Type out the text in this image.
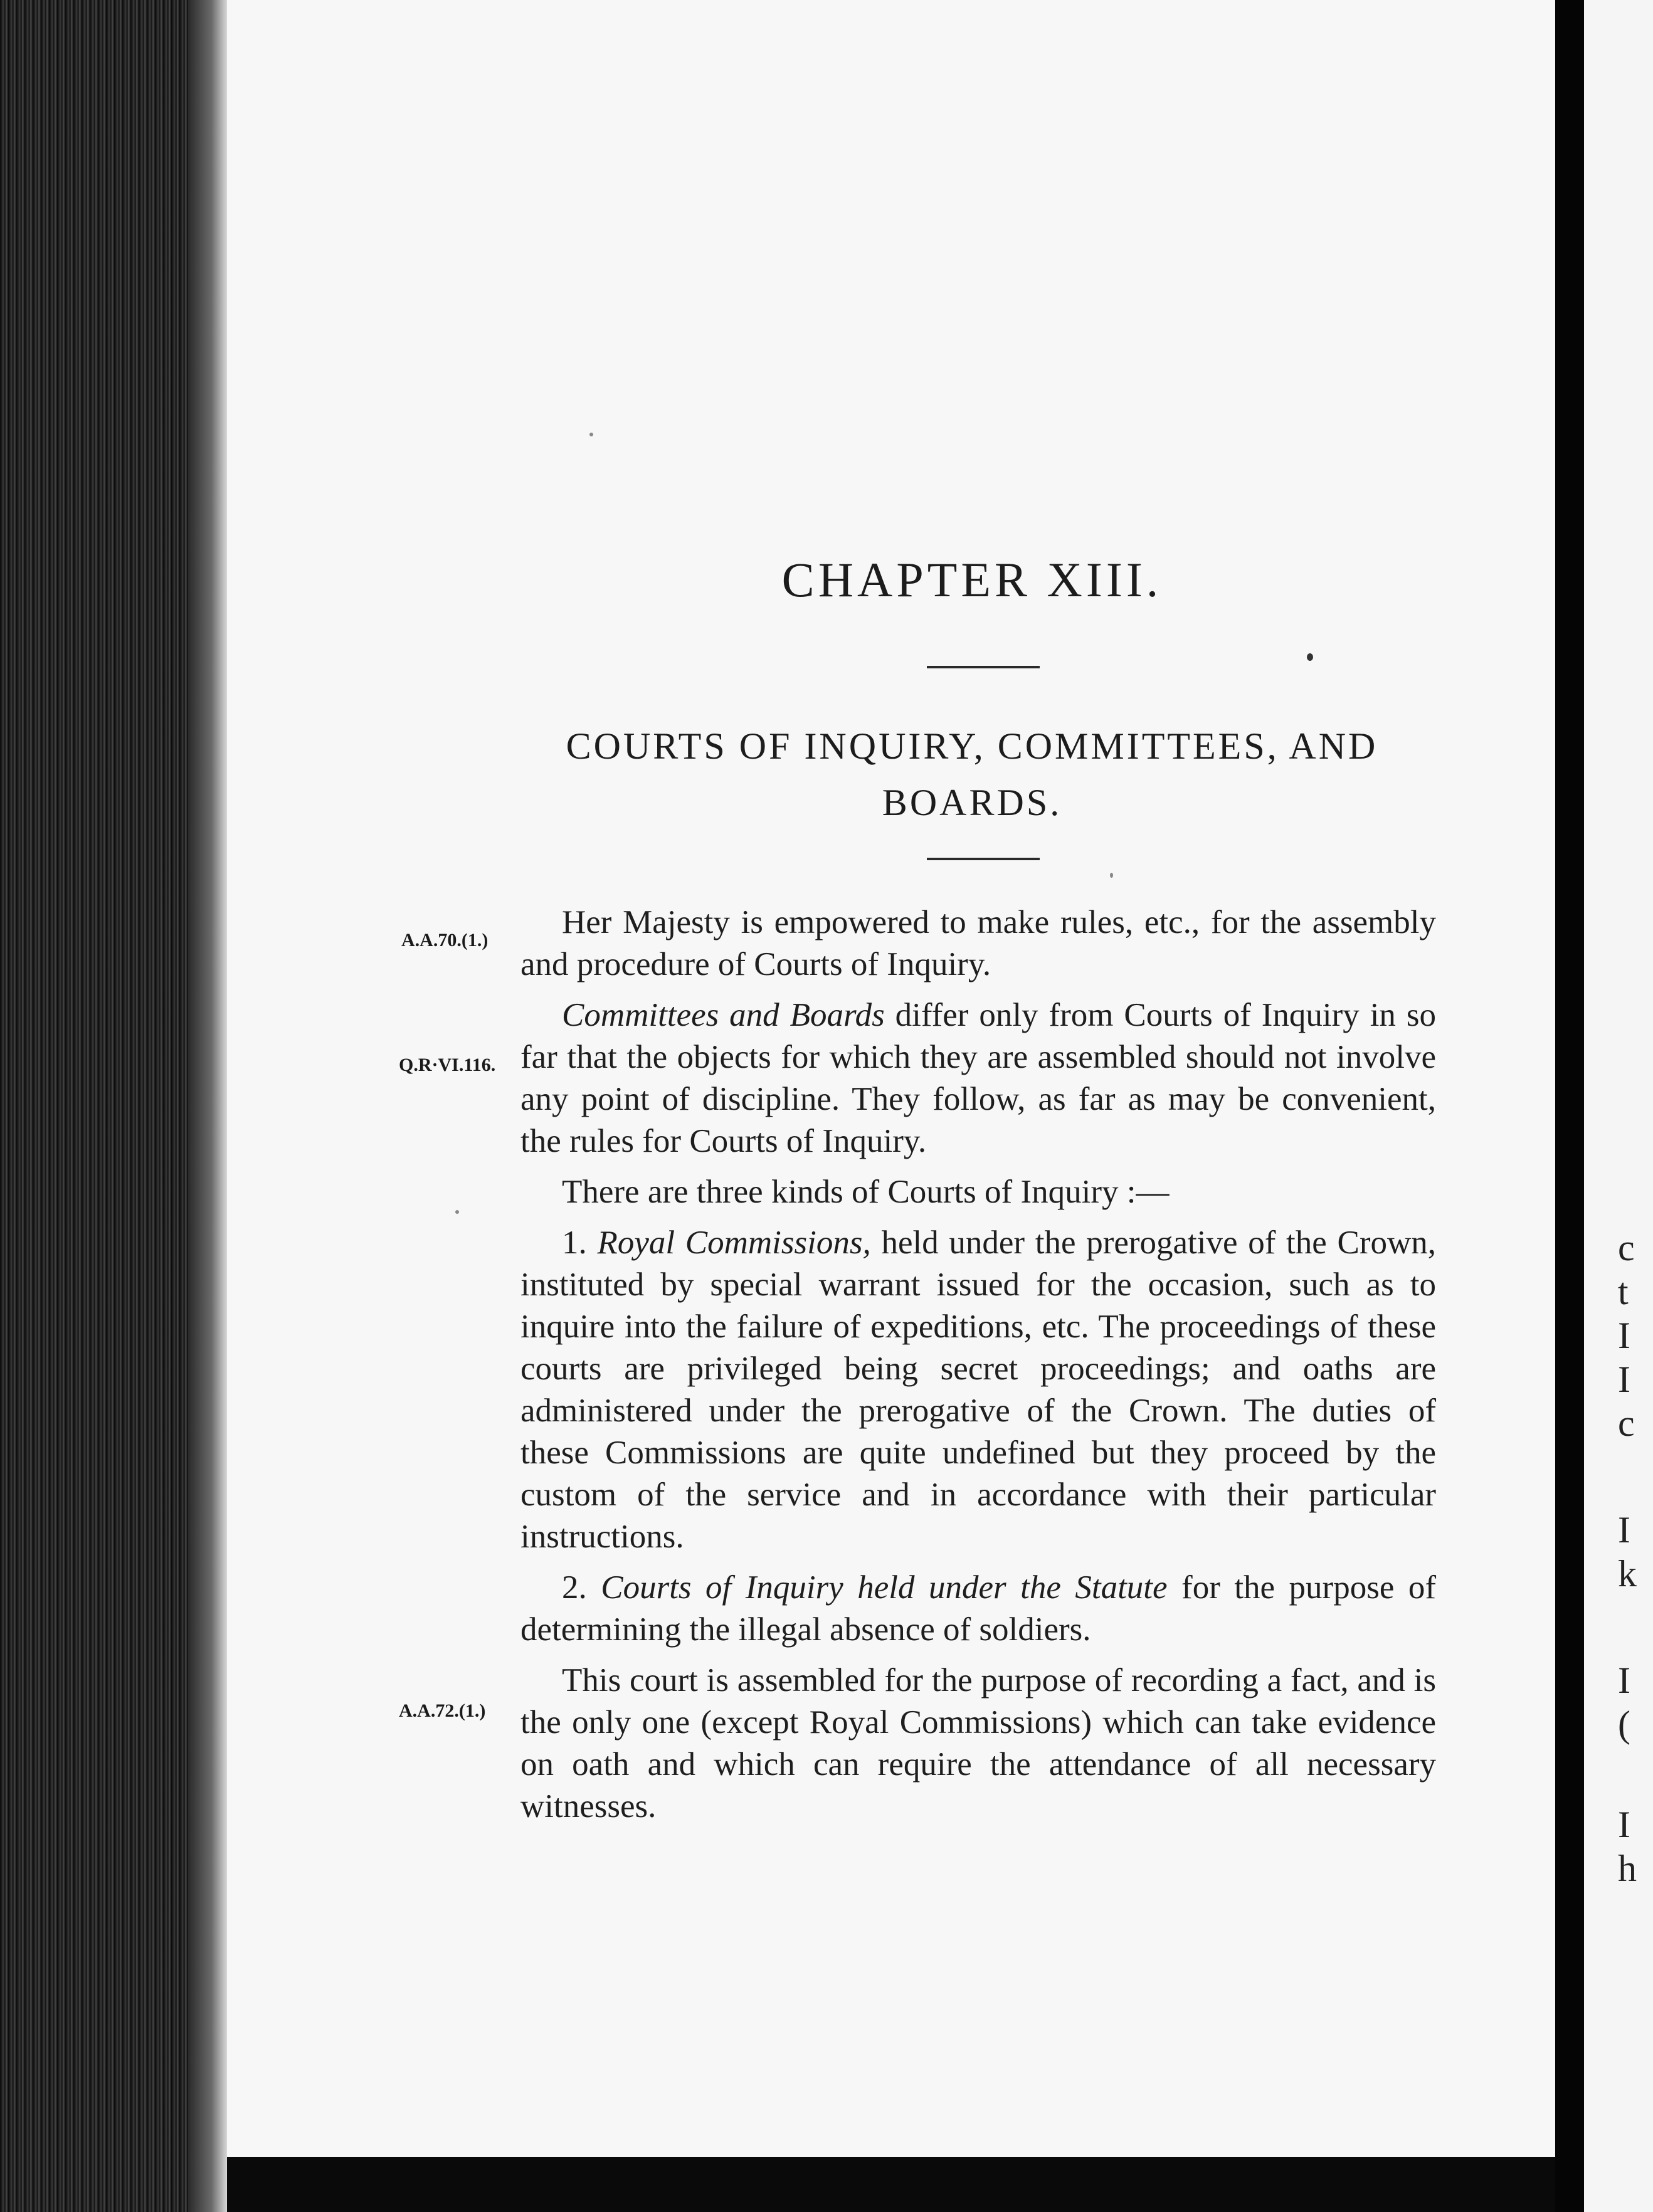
c
t
I
I
c
I
k
I
(
I
h
CHAPTER XIII.
COURTS OF INQUIRY, COMMITTEES, AND
BOARDS.
A.A.70.(1.)
Q.R·VI.116.
A.A.72.(1.)

Her Majesty is empowered to make rules, etc., for the assembly and procedure of Courts of Inquiry.

Committees and Boards differ only from Courts of Inquiry in so far that the objects for which they are assembled should not involve any point of discipline. They follow, as far as may be convenient, the rules for Courts of Inquiry.

There are three kinds of Courts of Inquiry :—

1. Royal Commissions, held under the prerogative of the Crown, instituted by special warrant issued for the occasion, such as to inquire into the failure of expeditions, etc. The proceedings of these courts are privileged being secret proceedings; and oaths are administered under the prerogative of the Crown. The duties of these Commissions are quite undefined but they proceed by the custom of the service and in accordance with their particular instructions.

2. Courts of Inquiry held under the Statute for the purpose of determining the illegal absence of soldiers.

This court is assembled for the purpose of recording a fact, and is the only one (except Royal Commissions) which can take evidence on oath and which can require the attendance of all necessary witnesses.
